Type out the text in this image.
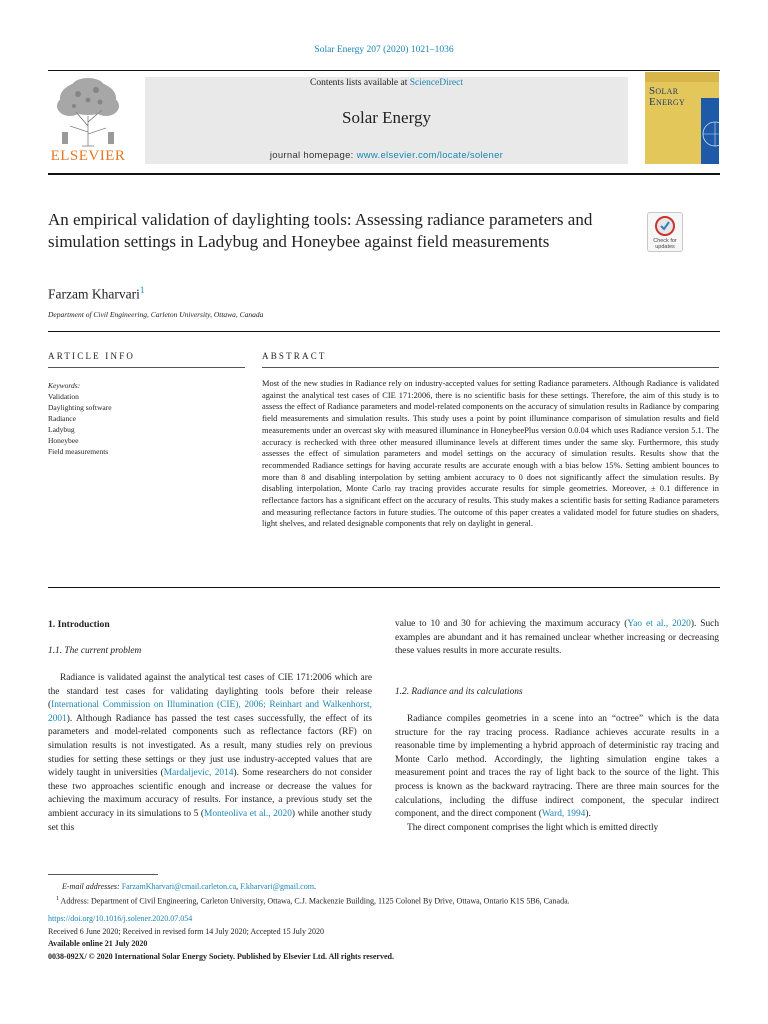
Solar Energy 207 (2020) 1021–1036
ELSEVIER
Contents lists available at ScienceDirect
Solar Energy
journal homepage: www.elsevier.com/locate/solener
Solar
Energy
An empirical validation of daylighting tools: Assessing radiance parameters and simulation settings in Ladybug and Honeybee against field measurements	Check for
updates
Farzam Kharvari$^1$
Department of Civil Engineering, Carleton University, Ottawa, Canada
ARTICLE INFO
Keywords:
Validation
Daylighting software
Radiance
Ladybug
Honeybee
Field measurements
ABSTRACT
Most of the new studies in Radiance rely on industry-accepted values for setting Radiance parameters. Although Radiance is validated against the analytical test cases of CIE 171:2006, there is no scientific basis for these settings. Therefore, the aim of this study is to assess the effect of Radiance parameters and model-related components on the accuracy of simulation results in Radiance by comparing field measurements and simulation results. This study uses a point by point illuminance comparison of simulation results and field measurements under an overcast sky with measured illuminance in HoneybeePlus version 0.0.04 which uses Radiance version 5.1. The accuracy is rechecked with three other measured illuminance levels at different times under the same sky. Furthermore, this study assesses the effect of simulation parameters and model settings on the accuracy of simulation results. Results show that the recommended Radiance settings for having accurate results are accurate enough with a bias below 15%. Setting ambient bounces to more than 8 and disabling interpolation by setting ambient accuracy to 0 does not significantly affect the simulation results. By disabling interpolation, Monte Carlo ray tracing provides accurate results for simple geometries. Moreover, ± 0.1 difference in reflectance factors has a significant effect on the accuracy of results. This study makes a scientific basis for setting Radiance parameters and measuring reflectance factors in future studies. The outcome of this paper creates a validated model for future studies on shaders, light shelves, and related designable components that rely on daylight in general.
1. Introduction
1.1. The current problem

Radiance is validated against the analytical test cases of CIE 171:2006 which are the standard test cases for validating daylighting tools before their release (International Commission on Illumination (CIE), 2006; Reinhart and Walkenhorst, 2001). Although Radiance has passed the test cases successfully, the effect of its parameters and model-related components such as reflectance factors (RF) on simulation results is not investigated. As a result, many studies rely on previous studies for setting these settings or they just use industry-accepted values that are widely taught in universities (Mardaljevic, 2014). Some researchers do not consider these two approaches scientific enough and increase or decrease the values for achieving the maximum accuracy of results. For instance, a previous study set the ambient accuracy in its simulations to 5 (Monteoliva et al., 2020) while another study set this

value to 10 and 30 for achieving the maximum accuracy (Yao et al., 2020). Such examples are abundant and it has remained unclear whether increasing or decreasing these values results in more accurate results.

1.2. Radiance and its calculations

Radiance compiles geometries in a scene into an “octree” which is the data structure for the ray tracing process. Radiance achieves accurate results in a reasonable time by implementing a hybrid approach of deterministic ray tracing and Monte Carlo method. Accordingly, the lighting simulation engine takes a measurement point and traces the ray of light back to the source of the light. This process is known as the backward raytracing. There are three main sources for the calculations, including the diffuse indirect component, the specular indirect component, and the direct component (Ward, 1994).

The direct component comprises the light which is emitted directly

E-mail addresses: FarzamKharvari@cmail.carleton.ca, F.kharvari@gmail.com.
$^1$ Address: Department of Civil Engineering, Carleton University, Ottawa, C.J. Mackenzie Building, 1125 Colonel By Drive, Ottawa, Ontario K1S 5B6, Canada.
https://doi.org/10.1016/j.solener.2020.07.054
Received 6 June 2020; Received in revised form 14 July 2020; Accepted 15 July 2020
Available online 21 July 2020
0038-092X/ © 2020 International Solar Energy Society. Published by Elsevier Ltd. All rights reserved.
